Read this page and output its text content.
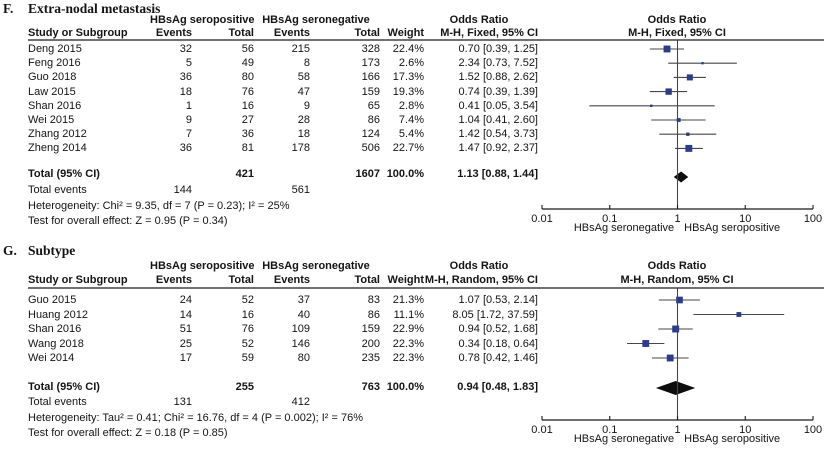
F. Extra-nodal metastasis
HBsAg seropositive HBsAg seronegative	Odds Ratio	Odds Ratio
Study or Subgroup	Events	Total	Events	Total Weight	M-H, Fixed, 95% CI	M-H, Fixed, 95% CI
Deng 2015	32	56	215	328	22.4%	0.70 [0.39, 1.25]
Feng 2016	5	49	8	173	2.6%	2.34 [0.73, 7.52]
Guo 2018	36	80	58	166	17.3%	1.52 [0.88, 2.62]
Law 2015	18	76	47	159	19.3%	0.74 [0.39, 1.39]
Shan 2016	1	16	9	65	2.8%	0.41 [0.05, 3.54]
Wei 2015	9	27	28	86	7.4%	1.04 [0.41, 2.60]
Zhang 2012	7	36	18	124	5.4%	1.42 [0.54, 3.73]
Zheng 2014	36	81	178	506	22.7%	1.47 [0.92, 2.37]
Total (95% CI)	421	1607 100.0%	1.13 [0.88, 1.44]
Total events	144	561
0.01	0.1	1	10	100
Heterogeneity: Chi² = 9.35, df = 7 (P = 0.23); I² = 25%
Test for overall effect: Z = 0.95 (P = 0.34)
HBsAg seronegative HBsAg seropositive
G. Subtype
HBsAg seropositive HBsAg seronegative	Odds Ratio	Odds Ratio
Study or Subgroup	Events	Total	Events	Total Weight M-H, Random, 95% CI	M-H, Random, 95% CI
Guo 2015	24	52	37	83	21.3%	1.07 [0.53, 2.14]
Huang 2012	14	16	40	86	11.1%	8.05 [1.72, 37.59]
Shan 2016	51	76	109	159	22.9%	0.94 [0.52, 1.68]
Wang 2018	25	52	146	200	22.3%	0.34 [0.18, 0.64]
Wei 2014	17	59	80	235	22.3%	0.78 [0.42, 1.46]
Total (95% CI)	255	763 100.0%	0.94 [0.48, 1.83]
Total events	131	412
0.01	0.1	1	10	100
Heterogeneity: Tau² = 0.41; Chi² = 16.76, df = 4 (P = 0.002); I² = 76%
Test for overall effect: Z = 0.18 (P = 0.85)	HBsAg seronegative HBsAg seropositive
